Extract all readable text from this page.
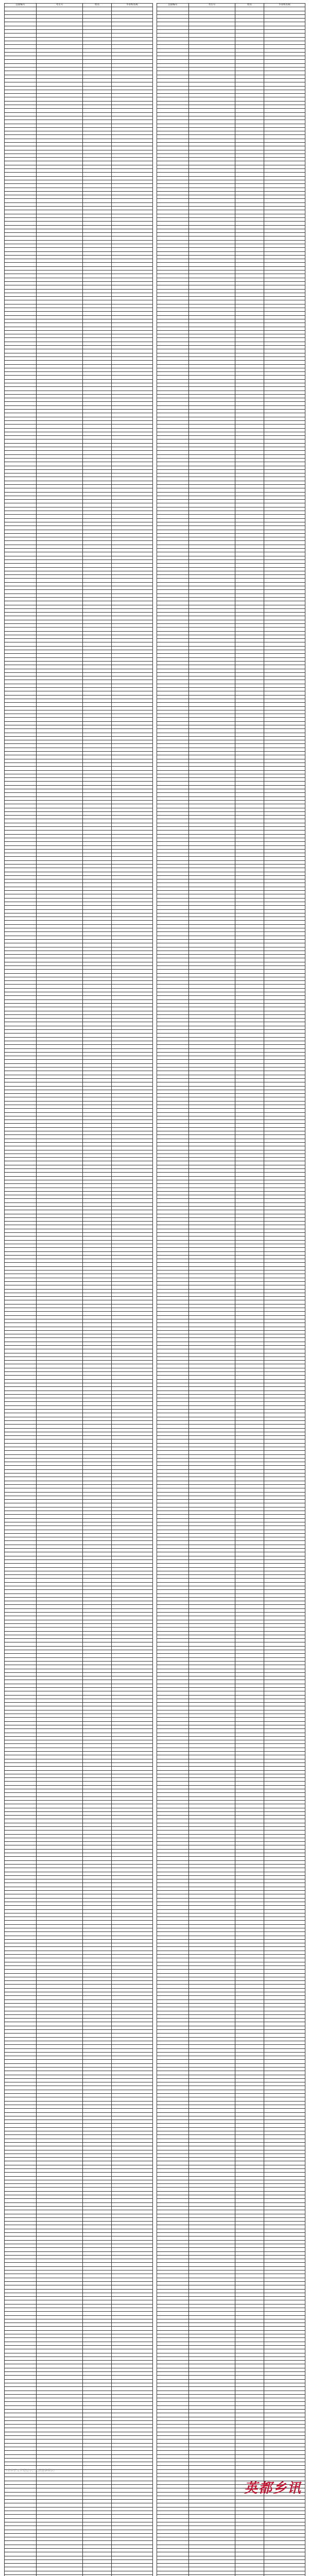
注册编号	考生号	姓名	毕业校名称

				注册编号	考生号	姓名	毕业校名称

（名单正文字迹过小，无法逐条辨认）
英都乡讯
